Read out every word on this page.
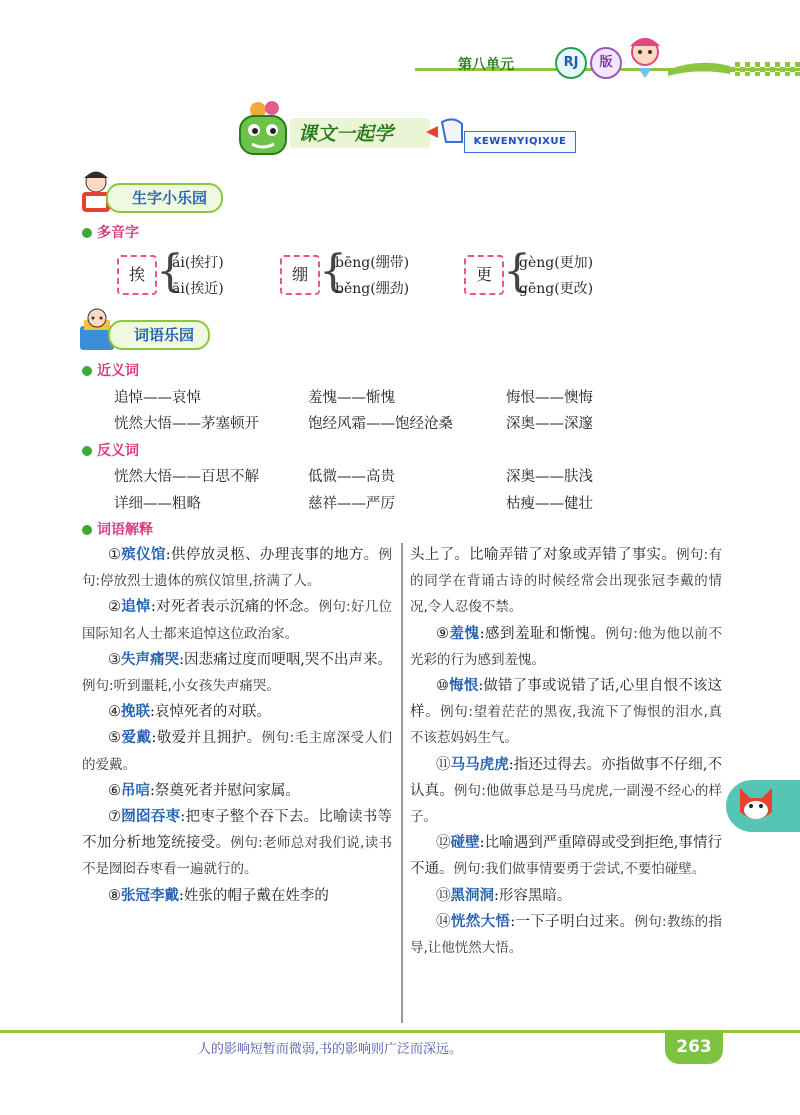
第八单元	RJ	版
课文一起学	KEWENYIQIXUE
生字小乐园
多音字
挨 {
ái(挨打)
āi(挨近)
绷 {
bēng(绷带)
běng(绷劲)
更 {
gèng(更加)
gēng(更改)
词语乐园
近义词
追悼——哀悼	羞愧——惭愧	悔恨——懊悔
恍然大悟——茅塞顿开	饱经风霜——饱经沧桑	深奥——深邃
反义词
恍然大悟——百思不解	低微——高贵	深奥——肤浅
详细——粗略	慈祥——严厉	枯瘦——健壮
词语解释

①殡仪馆:供停放灵柩、办理丧事的地方。例句:停放烈士遗体的殡仪馆里,挤满了人。

②追悼:对死者表示沉痛的怀念。例句:好几位国际知名人士都来追悼这位政治家。

③失声痛哭:因悲痛过度而哽咽,哭不出声来。例句:听到噩耗,小女孩失声痛哭。

④挽联:哀悼死者的对联。

⑤爱戴:敬爱并且拥护。例句:毛主席深受人们的爱戴。

⑥吊唁:祭奠死者并慰问家属。

⑦囫囵吞枣:把枣子整个吞下去。比喻读书等不加分析地笼统接受。例句:老师总对我们说,读书不是囫囵吞枣看一遍就行的。

⑧张冠李戴:姓张的帽子戴在姓李的

头上了。比喻弄错了对象或弄错了事实。例句:有的同学在背诵古诗的时候经常会出现张冠李戴的情况,令人忍俊不禁。

⑨羞愧:感到羞耻和惭愧。例句:他为他以前不光彩的行为感到羞愧。

⑩悔恨:做错了事或说错了话,心里自恨不该这样。例句:望着茫茫的黑夜,我流下了悔恨的泪水,真不该惹妈妈生气。

⑪马马虎虎:指还过得去。亦指做事不仔细,不认真。例句:他做事总是马马虎虎,一副漫不经心的样子。

⑫碰壁:比喻遇到严重障碍或受到拒绝,事情行不通。例句:我们做事情要勇于尝试,不要怕碰壁。

⑬黑洞洞:形容黑暗。

⑭恍然大悟:一下子明白过来。例句:教练的指导,让他恍然大悟。

人的影响短暂而微弱,书的影响则广泛而深远。	263
